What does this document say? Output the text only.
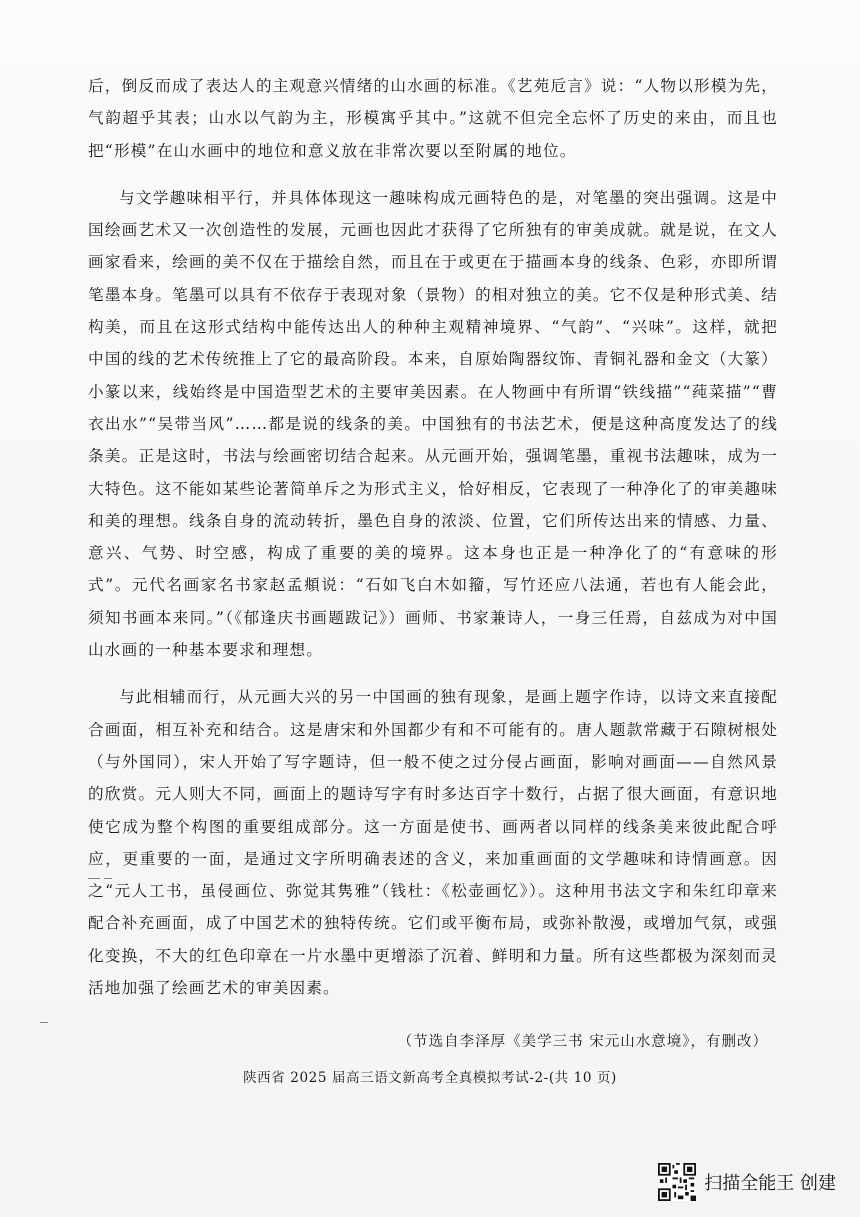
后，倒反而成了表达人的主观意兴情绪的山水画的标准。《艺苑卮言》说：“人物以形模为先，气韵超乎其表；山水以气韵为主，形模寓乎其中。”这就不但完全忘怀了历史的来由，而且也把“形模”在山水画中的地位和意义放在非常次要以至附属的地位。

与文学趣味相平行，并具体体现这一趣味构成元画特色的是，对笔墨的突出强调。这是中国绘画艺术又一次创造性的发展，元画也因此才获得了它所独有的审美成就。就是说，在文人画家看来，绘画的美不仅在于描绘自然，而且在于或更在于描画本身的线条、色彩，亦即所谓笔墨本身。笔墨可以具有不依存于表现对象（景物）的相对独立的美。它不仅是种形式美、结构美，而且在这形式结构中能传达出人的种种主观精神境界、“气韵”、“兴味”。这样，就把中国的线的艺术传统推上了它的最高阶段。本来，自原始陶器纹饰、青铜礼器和金文（大篆）小篆以来，线始终是中国造型艺术的主要审美因素。在人物画中有所谓“铁线描”“莼菜描”“曹衣出水”“吴带当风”……都是说的线条的美。中国独有的书法艺术，便是这种高度发达了的线条美。正是这时，书法与绘画密切结合起来。从元画开始，强调笔墨，重视书法趣味，成为一大特色。这不能如某些论著简单斥之为形式主义，恰好相反，它表现了一种净化了的审美趣味和美的理想。线条自身的流动转折，墨色自身的浓淡、位置，它们所传达出来的情感、力量、意兴、气势、时空感，构成了重要的美的境界。这本身也正是一种净化了的“有意味的形式”。元代名画家名书家赵孟頫说：“石如飞白木如籀，写竹还应八法通，若也有人能会此，须知书画本来同。”（《郁逢庆书画题跋记》）画师、书家兼诗人，一身三任焉，自兹成为对中国山水画的一种基本要求和理想。

与此相辅而行，从元画大兴的另一中国画的独有现象，是画上题字作诗，以诗文来直接配合画面，相互补充和结合。这是唐宋和外国都少有和不可能有的。唐人题款常藏于石隙树根处（与外国同），宋人开始了写字题诗，但一般不使之过分侵占画面，影响对画面——自然风景的欣赏。元人则大不同，画面上的题诗写字有时多达百字十数行，占据了很大画面，有意识地使它成为整个构图的重要组成部分。这一方面是使书、画两者以同样的线条美来彼此配合呼应，更重要的一面，是通过文字所明确表述的含义，来加重画面的文学趣味和诗情画意。因之“元人工书，虽侵画位、弥觉其隽雅”（钱杜：《松壶画忆》）。这种用书法文字和朱红印章来配合补充画面，成了中国艺术的独特传统。它们或平衡布局，或弥补散漫，或增加气氛，或强化变换，不大的红色印章在一片水墨中更增添了沉着、鲜明和力量。所有这些都极为深刻而灵活地加强了绘画艺术的审美因素。

（节选自李泽厚《美学三书 宋元山水意境》，有删改）
陕西省 2025 届高三语文新高考全真模拟考试-2-(共 10 页)
扫描全能王 创建
